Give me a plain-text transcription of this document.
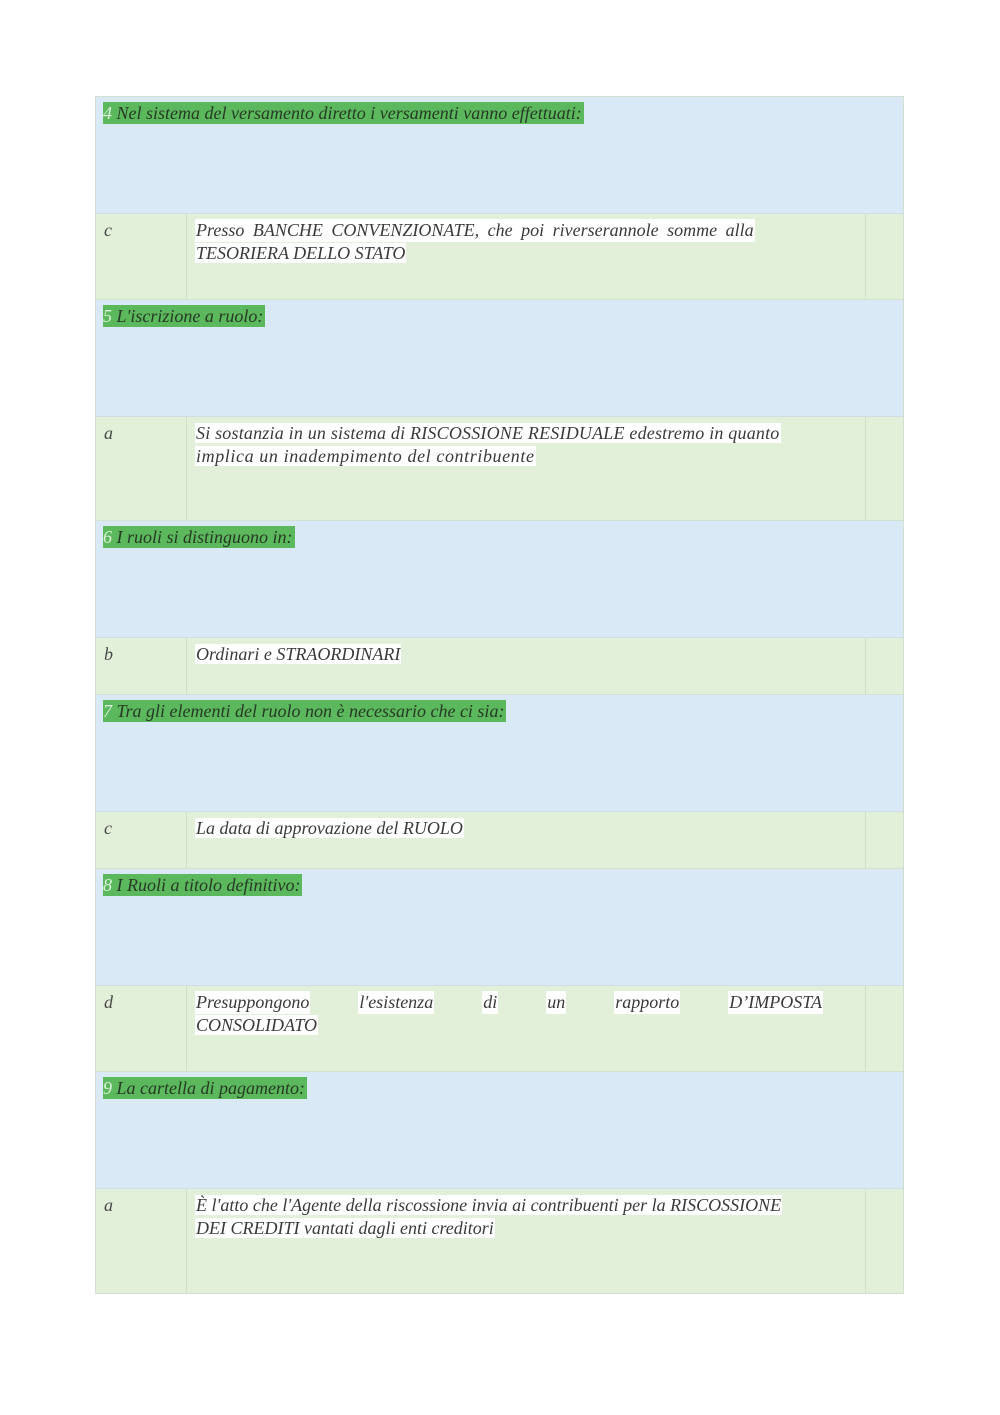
4 Nel sistema del versamento diretto i versamenti vanno effettuati:
c	Presso BANCHE CONVENZIONATE, che poi riverserannole somme alla
TESORIERA DELLO STATO
5 L'iscrizione a ruolo:
a	Si sostanzia in un sistema di RISCOSSIONE RESIDUALE edestremo in quanto
implica un inadempimento del contribuente
6 I ruoli si distinguono in:
b	Ordinari e STRAORDINARI
7 Tra gli elementi del ruolo non è necessario che ci sia:
c	La data di approvazione del RUOLO
8 I Ruoli a titolo definitivo:
d	Presuppongono	l'esistenza	di	un	rapporto	D’IMPOSTA
CONSOLIDATO
9 La cartella di pagamento:
a	È l'atto che l'Agente della riscossione invia ai contribuenti per la RISCOSSIONE
DEI CREDITI vantati dagli enti creditori
